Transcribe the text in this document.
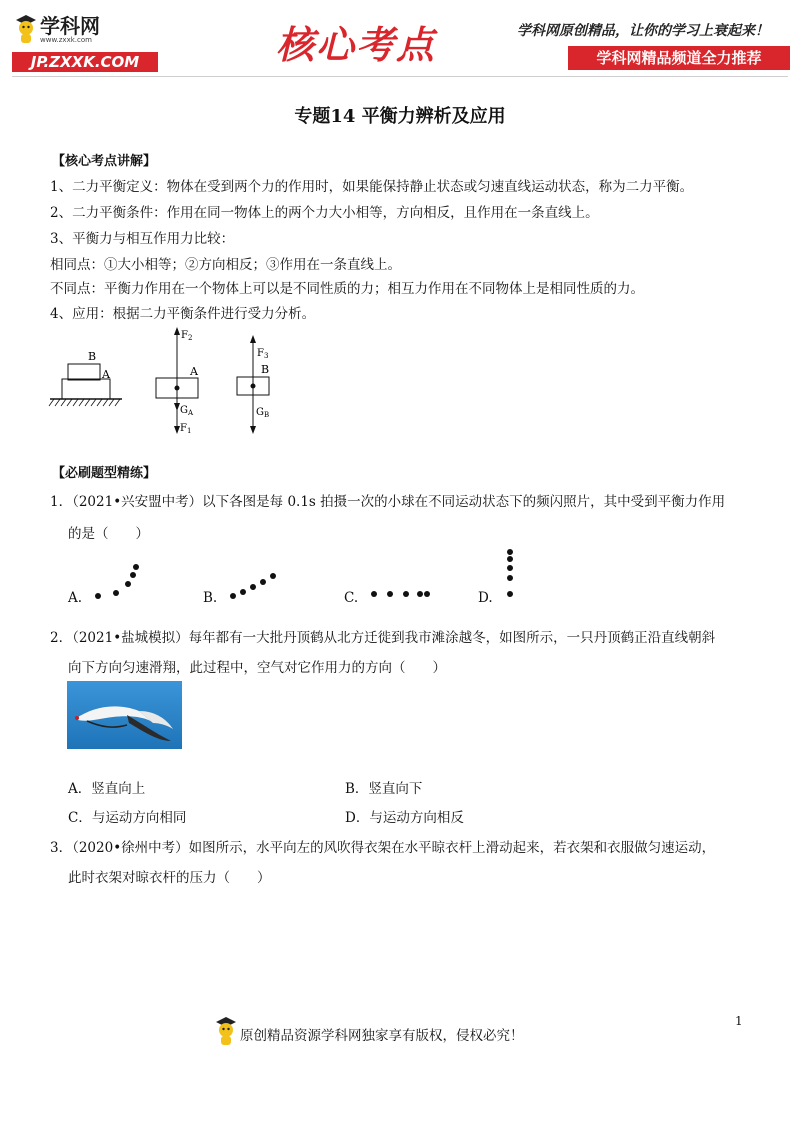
学科网
www.zxxk.com
JP.ZXXK.COM	核心考点	学科网原创精品，让你的学习上衰起来！
学科网精品频道全力推荐
专题14 平衡力辨析及应用
【核心考点讲解】
1、二力平衡定义：物体在受到两个力的作用时，如果能保持静止状态或匀速直线运动状态，称为二力平衡。
2、二力平衡条件：作用在同一物体上的两个力大小相等，方向相反，且作用在一条直线上。
3、平衡力与相互作用力比较：
相同点：①大小相等；②方向相反；③作用在一条直线上。
不同点：平衡力作用在一个物体上可以是不同性质的力；相互力作用在不同物体上是相同性质的力。
4、应用：根据二力平衡条件进行受力分析。
B
A
$F_2$
A
$G_A$
$F_1$
$F_3$
B
$G_B$
【必刷题型精练】
1．（2021•兴安盟中考）以下各图是每 0.1s 拍摄一次的小球在不同运动状态下的频闪照片，其中受到平衡力作用
的是（　　）
A.	B.	C.	D.
2．（2021•盐城模拟）每年都有一大批丹顶鹤从北方迁徙到我市滩涂越冬，如图所示，一只丹顶鹤正沿直线朝斜
向下方向匀速滑翔，此过程中，空气对它作用力的方向（　　）
A．竖直向上	B．竖直向下
C．与运动方向相同	D．与运动方向相反
3．（2020•徐州中考）如图所示，水平向左的风吹得衣架在水平晾衣杆上滑动起来，若衣架和衣服做匀速运动，
此时衣架对晾衣杆的压力（　　）
1
原创精品资源学科网独家享有版权，侵权必究！
